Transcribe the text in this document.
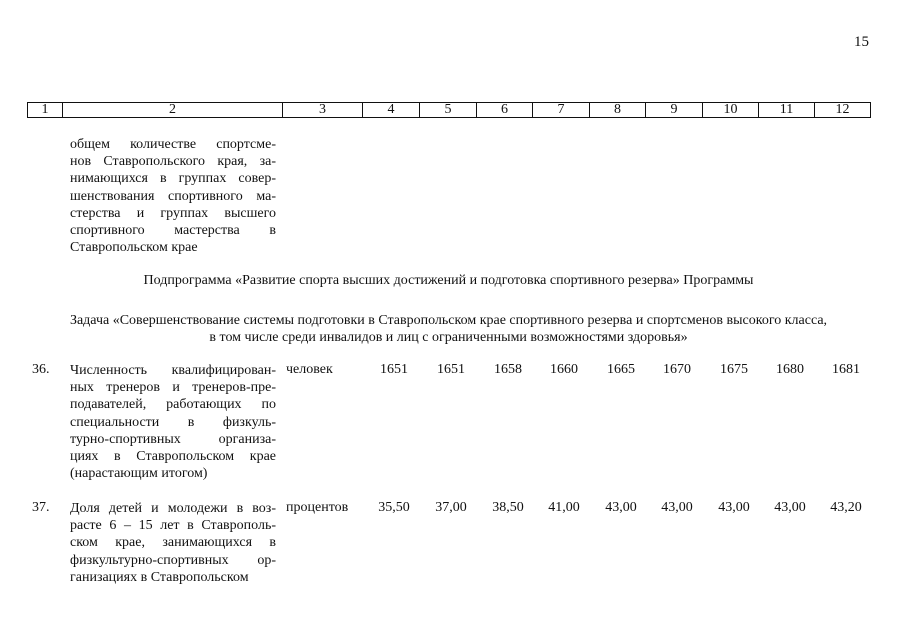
15
1	2	3	4	5	6	7	8	9	10	11	12
общем количестве спортсме-
нов Ставропольского края, за-
нимающихся в группах совер-
шенствования спортивного ма-
стерства и группах высшего
спортивного мастерства в
Ставропольском крае
Подпрограмма «Развитие спорта высших достижений и подготовка спортивного резерва» Программы
Задача «Совершенствование системы подготовки в Ставропольском крае спортивного резерва и спортсменов высокого класса,
в том числе среди инвалидов и лиц с ограниченными возможностями здоровья»
36. Численность квалифицирован-
ных тренеров и тренеров-пре-
подавателей, работающих по
специальности в физкуль-
турно-спортивных организа-
циях в Ставропольском крае
(нарастающим итогом)
человек	1651	1651	1658	1660	1665	1670	1675	1680	1681
37. Доля детей и молодежи в воз-
расте 6 – 15 лет в Ставрополь-
ском крае, занимающихся в
физкультурно-спортивных ор-
ганизациях в Ставропольском
процентов	35,50	37,00	38,50	41,00	43,00	43,00	43,00	43,00	43,20
